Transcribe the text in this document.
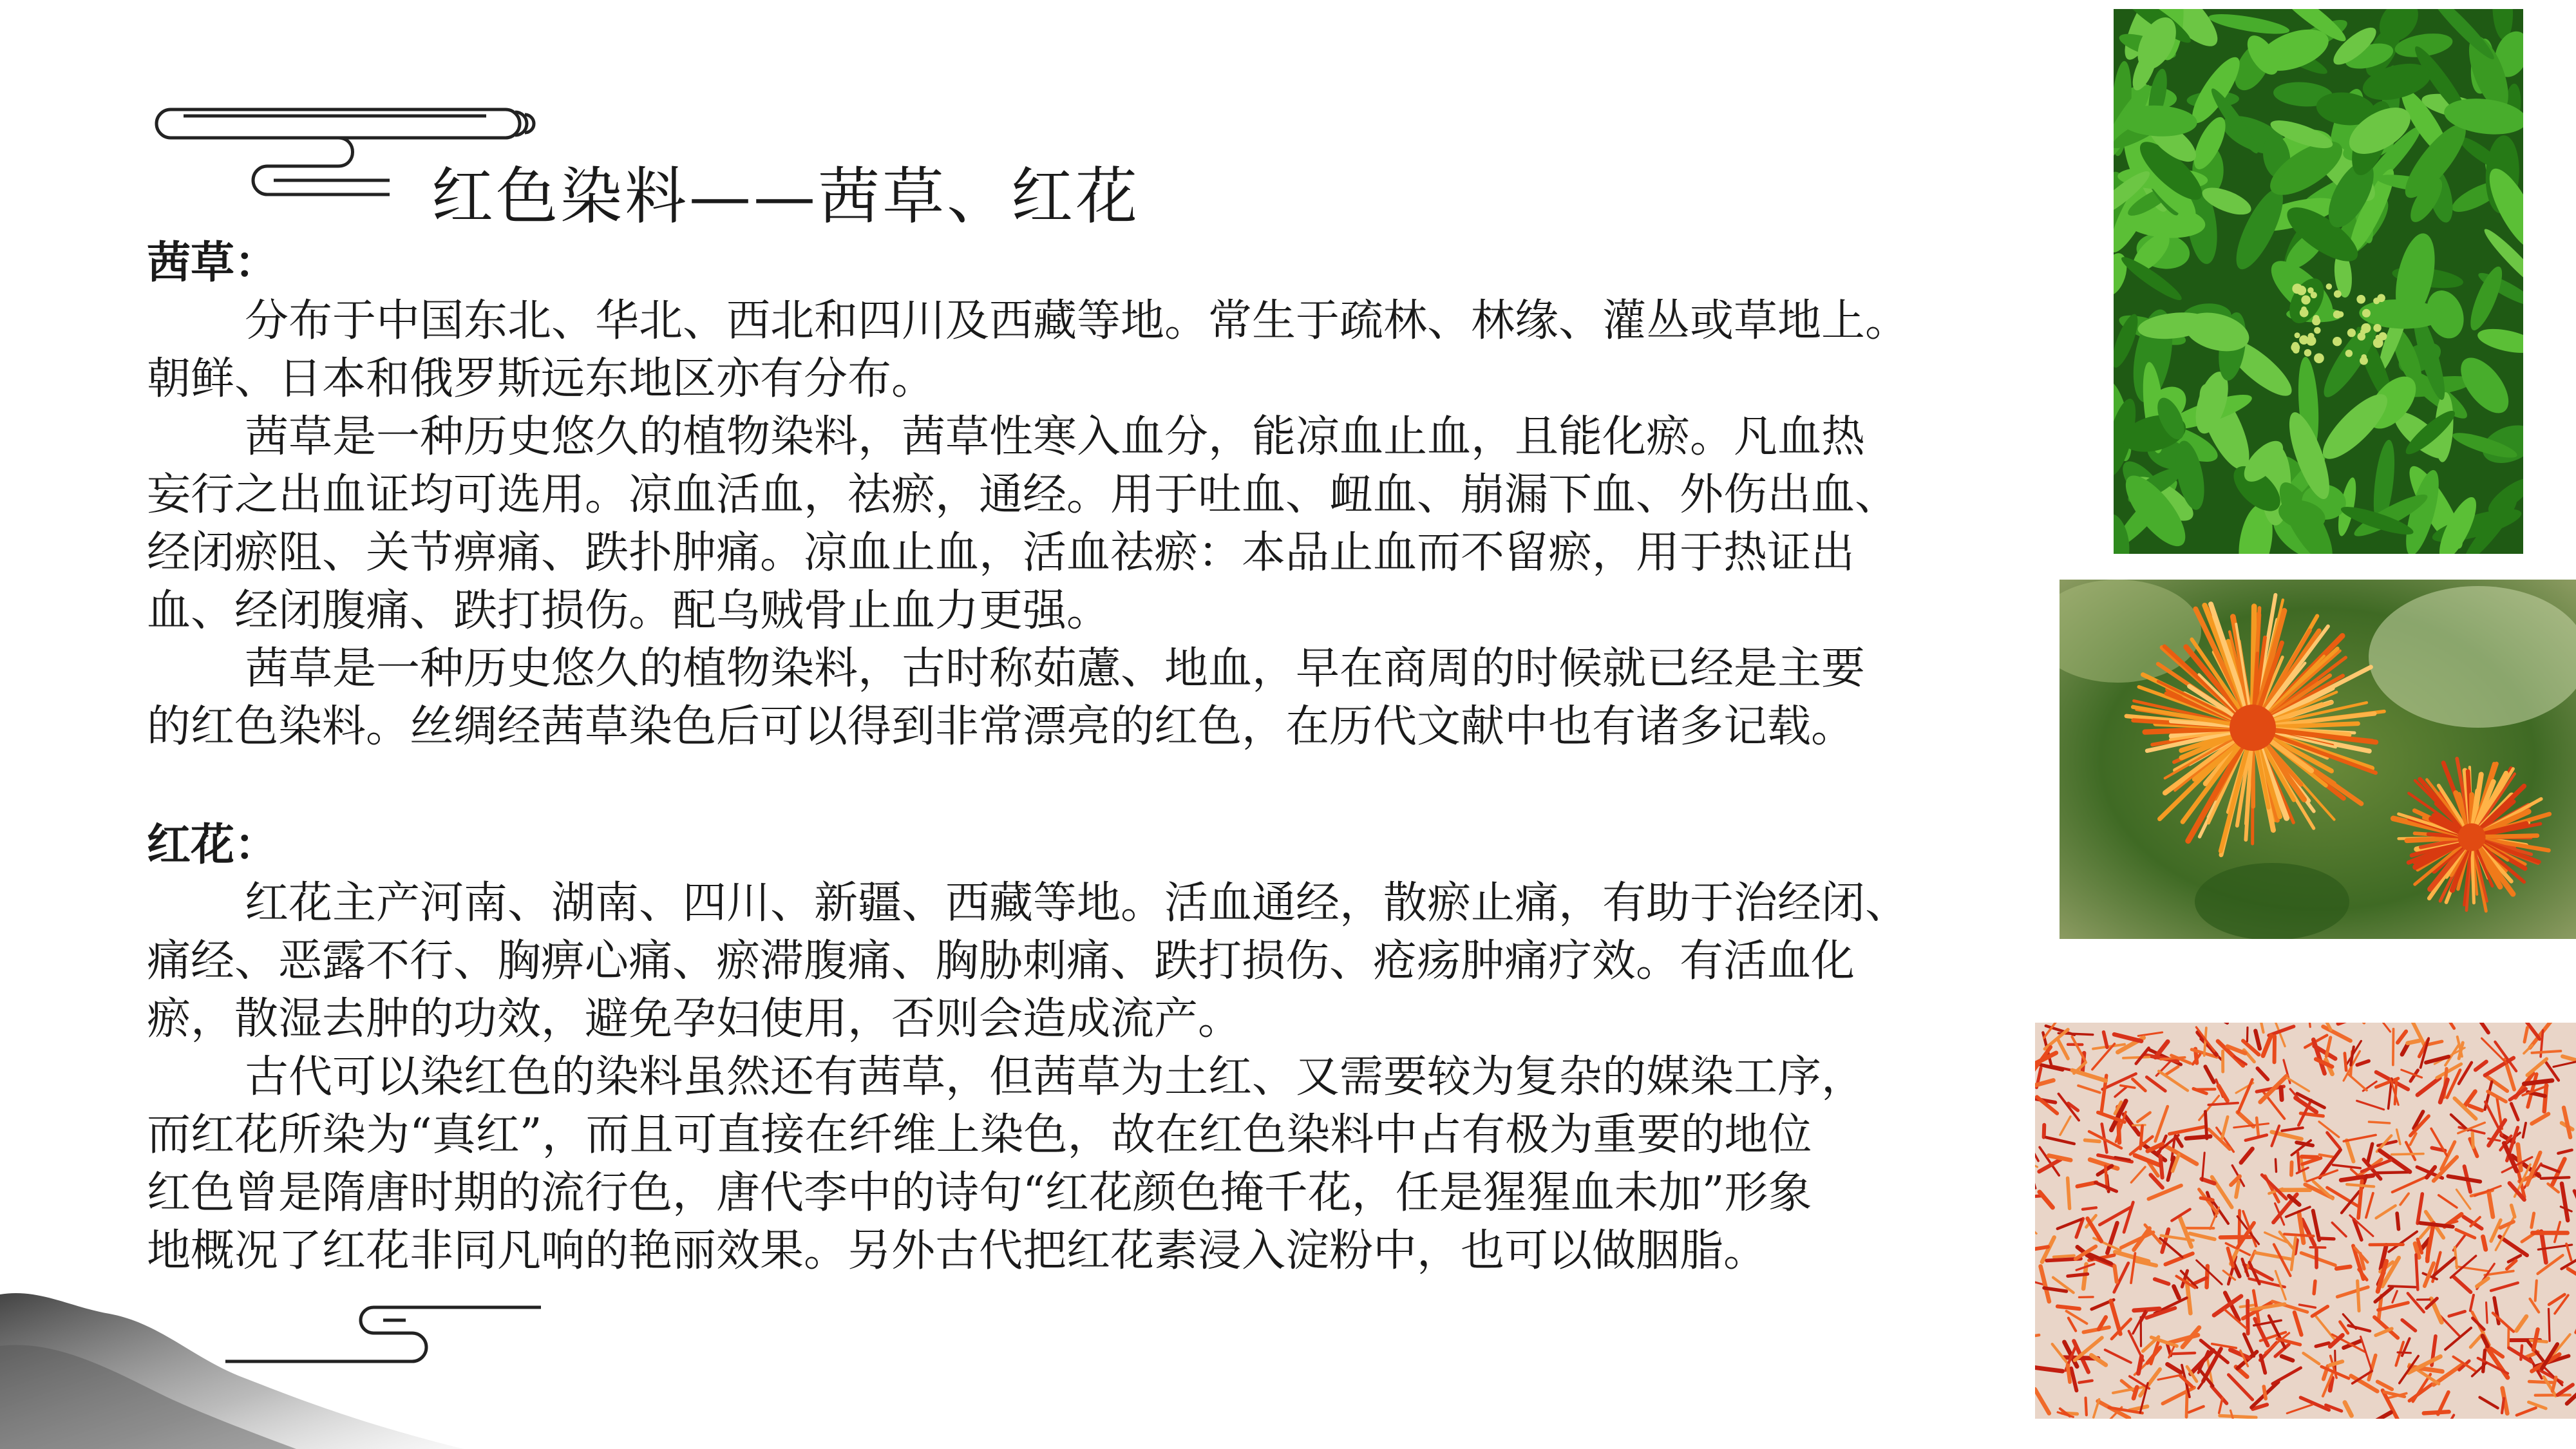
红色染料——茜草、红花
茜草：
分布于中国东北、华北、西北和四川及西藏等地。常生于疏林、林缘、灌丛或草地上。
朝鲜、日本和俄罗斯远东地区亦有分布。
茜草是一种历史悠久的植物染料，茜草性寒入血分，能凉血止血，且能化瘀。凡血热
妄行之出血证均可选用。凉血活血，祛瘀，通经。用于吐血、衄血、崩漏下血、外伤出血、
经闭瘀阻、关节痹痛、跌扑肿痛。凉血止血，活血祛瘀：本品止血而不留瘀，用于热证出
血、经闭腹痛、跌打损伤。配乌贼骨止血力更强。
茜草是一种历史悠久的植物染料，古时称茹藘、地血，早在商周的时候就已经是主要
的红色染料。丝绸经茜草染色后可以得到非常漂亮的红色，在历代文献中也有诸多记载。
红花：
红花主产河南、湖南、四川、新疆、西藏等地。活血通经，散瘀止痛，有助于治经闭、
痛经、恶露不行、胸痹心痛、瘀滞腹痛、胸胁刺痛、跌打损伤、疮疡肿痛疗效。有活血化
瘀，散湿去肿的功效，避免孕妇使用，否则会造成流产。
古代可以染红色的染料虽然还有茜草，但茜草为土红、又需要较为复杂的媒染工序，
而红花所染为“真红”，而且可直接在纤维上染色，故在红色染料中占有极为重要的地位
红色曾是隋唐时期的流行色，唐代李中的诗句“红花颜色掩千花，任是猩猩血未加”形象
地概况了红花非同凡响的艳丽效果。另外古代把红花素浸入淀粉中，也可以做胭脂。
